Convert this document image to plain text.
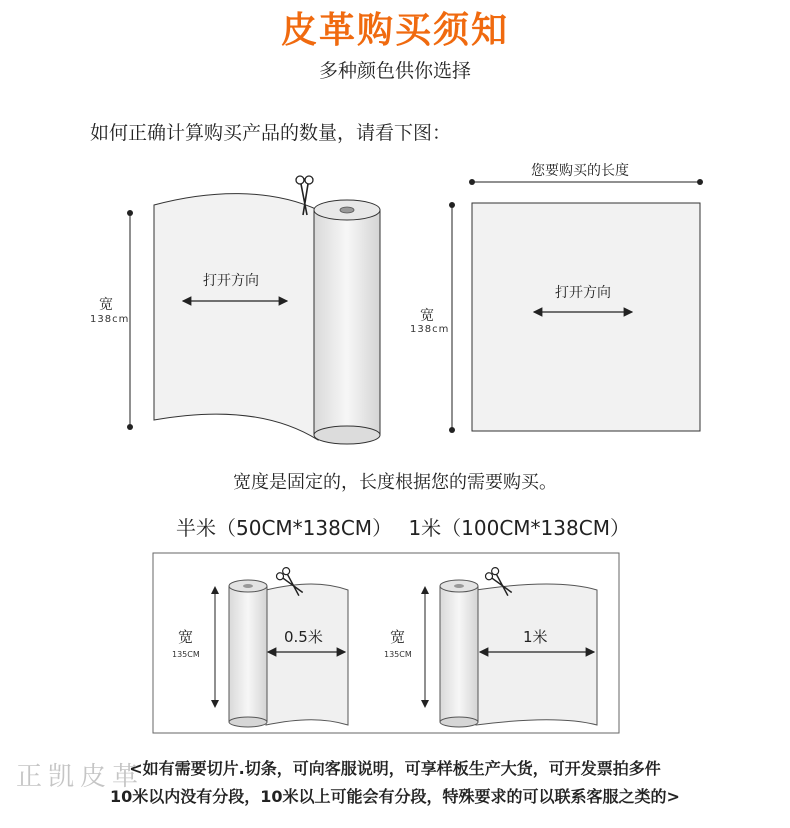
皮革购买须知
多种颜色供你选择
如何正确计算购买产品的数量，请看下图：
宽
138cm
打开方向
您要购买的长度
宽
138cm
打开方向
宽度是固定的，长度根据您的需要购买。
半米（50CM*138CM） 1米（100CM*138CM）
宽
135CM
0.5米	宽
135CM
1米
<如有需要切片.切条，可向客服说明，可享样板生产大货，可开发票拍多件
10米以内没有分段，10米以上可能会有分段，特殊要求的可以联系客服之类的>
正凯皮革
